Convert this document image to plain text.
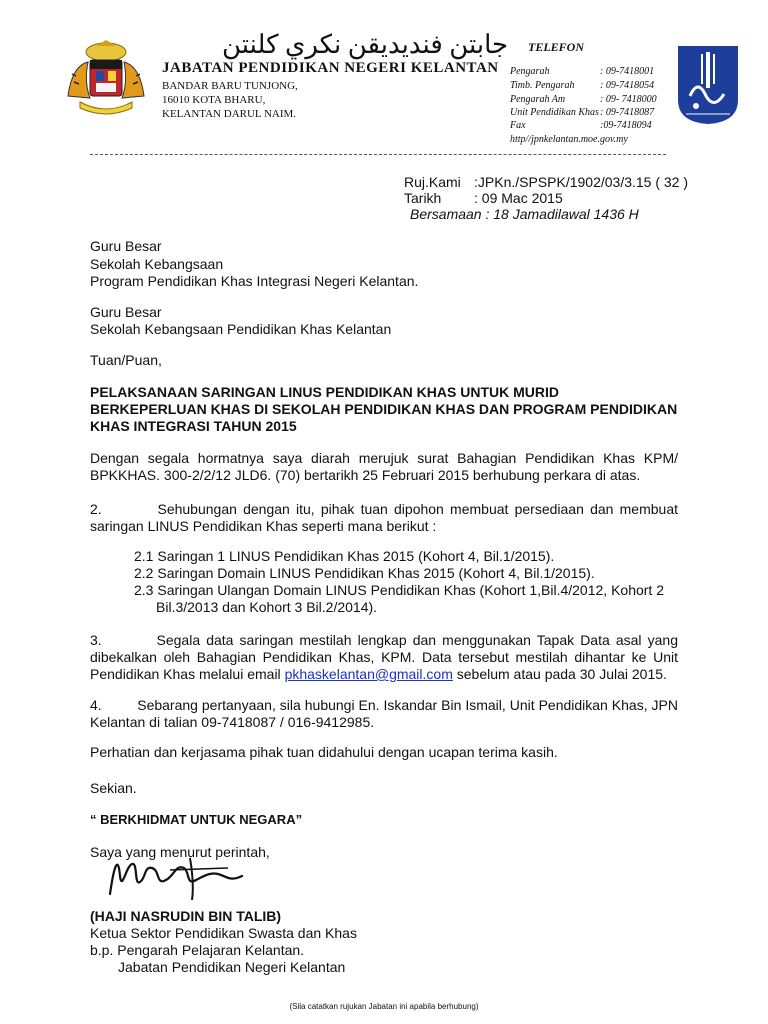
جابتن فنديديقن نكري كلنتن
JABATAN PENDIDIKAN NEGERI KELANTAN
BANDAR BARU TUNJONG,
16010 KOTA BHARU,
KELANTAN DARUL NAIM.
TELEFON
Pengarah	: 09-7418001
Timb. Pengarah	: 09-7418054
Pengarah Am	: 09- 7418000
Unit Pendidikan Khas: 09-7418087
Fax	:09-7418094
http//jpnkelantan.moe.gov.my
Ruj.Kami :JPKn./SPSPK/1902/03/3.15 ( 32 )
Tarikh : 09 Mac 2015
Bersamaan : 18 Jamadilawal 1436 H
Guru Besar
Sekolah Kebangsaan
Program Pendidikan Khas Integrasi Negeri Kelantan.
Guru Besar
Sekolah Kebangsaan Pendidikan Khas Kelantan
Tuan/Puan,

PELAKSANAAN SARINGAN LINUS PENDIDIKAN KHAS UNTUK MURID BERKEPERLUAN KHAS DI SEKOLAH PENDIDIKAN KHAS DAN PROGRAM PENDIDIKAN KHAS INTEGRASI TAHUN 2015

Dengan segala hormatnya saya diarah merujuk surat Bahagian Pendidikan Khas KPM/ BPKKHAS. 300-2/2/12 JLD6. (70) bertarikh 25 Februari 2015 berhubung perkara di atas.

2.         Sehubungan dengan itu, pihak tuan dipohon membuat persediaan dan membuat saringan LINUS Pendidikan Khas seperti mana berikut :

2.1 Saringan 1 LINUS Pendidikan Khas 2015 (Kohort 4, Bil.1/2015).
2.2 Saringan Domain LINUS Pendidikan Khas 2015 (Kohort 4, Bil.1/2015).
2.3 Saringan Ulangan Domain LINUS Pendidikan Khas (Kohort 1,Bil.4/2012, Kohort 2
Bil.3/2013 dan Kohort 3 Bil.2/2014).

3.         Segala data saringan mestilah lengkap dan menggunakan Tapak Data asal yang dibekalkan oleh Bahagian Pendidikan Khas, KPM. Data tersebut mestilah dihantar ke Unit Pendidikan Khas melalui email pkhaskelantan@gmail.com sebelum atau pada 30 Julai 2015.

4.         Sebarang pertanyaan, sila hubungi En. Iskandar Bin Ismail, Unit Pendidikan Khas, JPN Kelantan di talian 09-7418087 / 016-9412985.

Perhatian dan kerjasama pihak tuan didahului dengan ucapan terima kasih.
Sekian.
“ BERKHIDMAT UNTUK NEGARA”
Saya yang menurut perintah,
(HAJI NASRUDIN BIN TALIB)
Ketua Sektor Pendidikan Swasta dan Khas
b.p. Pengarah Pelajaran Kelantan.
Jabatan Pendidikan Negeri Kelantan
(Sila catatkan rujukan Jabatan ini apabila berhubung)
